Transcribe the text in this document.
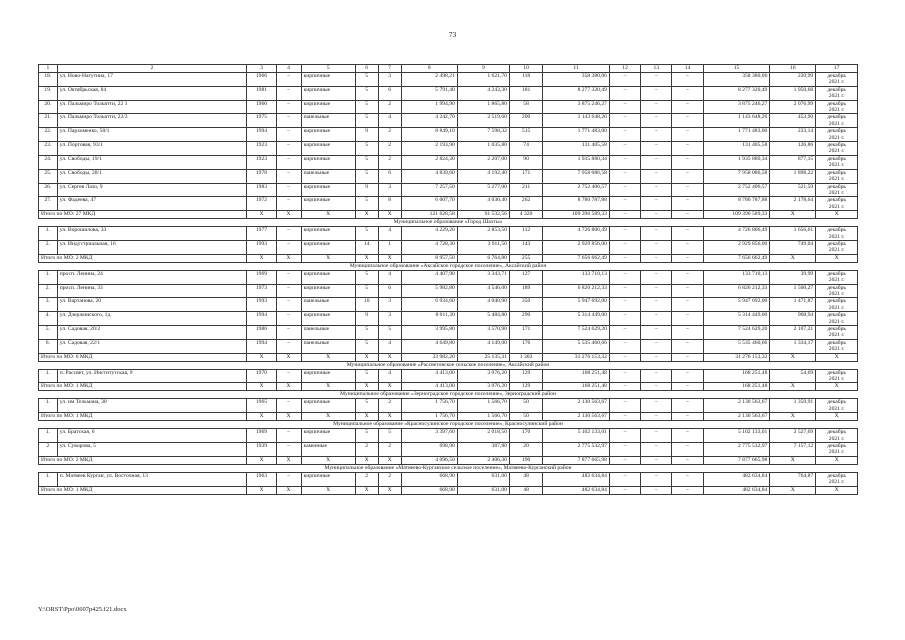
73
1	2	3	4	5	6	7	8	9	10	11	12	13	14	15	16	17
18.	ул. Ново-Нагутина, 17	1966	–	кирпичные	5	3	2 498,21	1 621,70	118	358 380,06	–	–	–	358 380,06	220,99	декабрь
2021 г.

19.	ул. Октябрьская, 84	1981	–	кирпичные	5	6	5 791,40	4 243,30	181	8 277 320,49	–	–	–	8 277 320,49	1 950,68	декабрь
2021 г.

20.	ул. Пальмиро Тольятти, 22 1	1960	–	кирпичные	5	2	1 994,90	1 865,80	58	3 875 246,27	–	–	–	3 875 246,27	2 076,99	декабрь
2021 г.

21.	ул. Пальмиро Тольятти, 22/3	1975	–	панельные	5	4	4 242,70	2 519,60	200	1 143 648,26	–	–	–	1 143 648,26	453,90	декабрь
2021 г.

22.	ул. Пархоменко, 58/1	1994	–	кирпичные	9	2	8 849,10	7 598,32	515	1 771 483,00	–	–	–	1 771 483,00	233,14	декабрь
2021 г.

23.	ул. Портовая, 93/1	1923	–	кирпичные	5	2	2 193,90	1 035,80	74	131 405,58	–	–	–	131 405,58	126,86	декабрь
2021 г.

24.	ул. Свободы, 19/1	1923	–	кирпичные	5	2	2 824,30	2 207,00	90	1 935 880,34	–	–	–	1 935 880,34	877,15	декабрь
2021 г.

25.	ул. Свободы, 28/1	1978	–	панельные	5	6	4 839,60	4 192,40	171	7 958 086,58	–	–	–	7 958 086,58	1 898,22	декабрь
2021 г.

26.	ул. Сергея Лазо, 9	1983	–	кирпичные	9	3	7 257,50	5 277,00	211	2 752 406,57	–	–	–	2 752 406,57	521,59	декабрь
2021 г.

27.	ул. Фадеева, 47	1972	–	кирпичные	5	8	6 007,70	4 030,40	262	8 780 787,88	–	–	–	8 780 787,88	2 178,64	декабрь
2021 г.

Итого по МО: 27 МКД		X	X	X	X	X	121 628,58	91 532,56	4 320	109 396 589,33	–	–	–	109 396 589,33	X	X
Муниципальное образование «Город Шахты»																
1.	ул. Ворошилова, 33	1977	–	кирпичные	5	4	4 229,20	2 853,50	112	4 726 806,49	–	–	–	4 726 806,49	1 656,61	декабрь
2021 г.

2.	ул. Индустриальная, 16	1993	–	кирпичные	14	1	4 728,30	3 911,50	143	2 929 856,00	–	–	–	2 929 856,00	749,04	декабрь
2021 г.

Итого по МО: 2 МКД		X	X	X	X	X	8 957,50	6 764,80	255	7 656 662,49	–	–	–	7 656 662,49	X	X
Муниципальное образование «Аксайское городское поселение», Аксайский район																
1.	просп. Ленина, 24	1969	–	кирпичные	5	4	4 407,90	3 343,71	127	133 710,13	–	–	–	133 710,13	39,99	декабрь
2021 г.

2.	просп. Ленина, 33	1973	–	кирпичные	5	6	5 982,80	4 546,00	189	6 820 212,33	–	–	–	6 820 212,33	1 500,27	декабрь
2021 г.

3.	ул. Вартанова, 20	1993	–	панельные	10	3	6 934,60	4 040,90	350	5 947 692,00	–	–	–	5 947 692,00	1 471,87	декабрь
2021 г.

4.	ул. Дзержинского, 1д	1994	–	кирпичные	9	3	8 011,30	5 484,80	290	5 314 449,00	–	–	–	5 314 449,00	968,94	декабрь
2021 г.

5.	ул. Садовая, 20/2	1986	–	панельные	5	5	3 995,80	3 570,90	171	7 524 629,20	–	–	–	7 524 629,20	2 107,21	декабрь
2021 г.

6.	ул. Садовая, 22/1	1994	–	панельные	5	4	4 649,80	4 149,00	176	5 535 460,66	–	–	–	5 535 460,66	1 334,17	декабрь
2021 г.

Итого по МО: 6 МКД		X	X	X	X	X	33 982,20	25 135,31	1 303	31 276 153,32	–	–	–	31 276 153,32	X	X
Муниципальное образование «Рассветовское сельское поселение», Аксайский район																
1.	п. Рассвет, ул. Институтская, 9	1970	–	кирпичные	5	4	4 413,00	3 076,20	129	168 251,48	–	–	–	168 251,48	54,69	декабрь
2021 г.

Итого по МО: 1 МКД		X	X	X	X	X	4 413,00	3 076,20	129	168 251,48	–	–	–	168 251,48	X	X
Муниципальное образование «Зерноградское городское поселение», Зерноградский район																
1.	ул. им Тельмана, 30	1965	–	кирпичные	5	2	1 756,70	1 566,70	50	2 130 563,67	–	–	–	2 130 563,67	1 359,91	декабрь
2021 г.

Итого по МО: 1 МКД		X	X	X	X	X	1 756,70	1 566,70	50	2 130 563,67	–	–	–	2 130 563,67	X	X
Муниципальное образование «Красносулинское городское поселение», Красносулинский район																
1.	ул. Братская, 6	1969	–	кирпичные	5	5	3 397,60	2 018,50	170	5 102 133,01	–	–	–	5 102 133,01	2 527,69	декабрь
2021 г.

2	ул. Суворова, 5	1939	–	каменные	2	2	698,90	387,80	20	2 775 532,97	–	–	–	2 775 532,97	7 157,12	декабрь
2021 г.

Итого по МО: 2 МКД		X	X	X	X	X	4 096,50	2 406,30	190	7 877 665,98	–	–	–	7 877 665,98	X	X
Муниципальное образование «Матвеево-Курганское сельское поселение», Матвеево-Курганский район																
1.	п. Матвеев Курган, ул. Восточная, 13	1963	–	кирпичные	2	2	668,90	631,00	48	482 634,84	–	–	–	482 634,84	764,87	декабрь
2021 г.

Итого по МО: 1 МКД		X	X	X	X	X	668,90	631,00	48	482 634,84	–	–	–	482 634,84	X	X
Y:\ORST\Ppo\0607p425.f21.docx
